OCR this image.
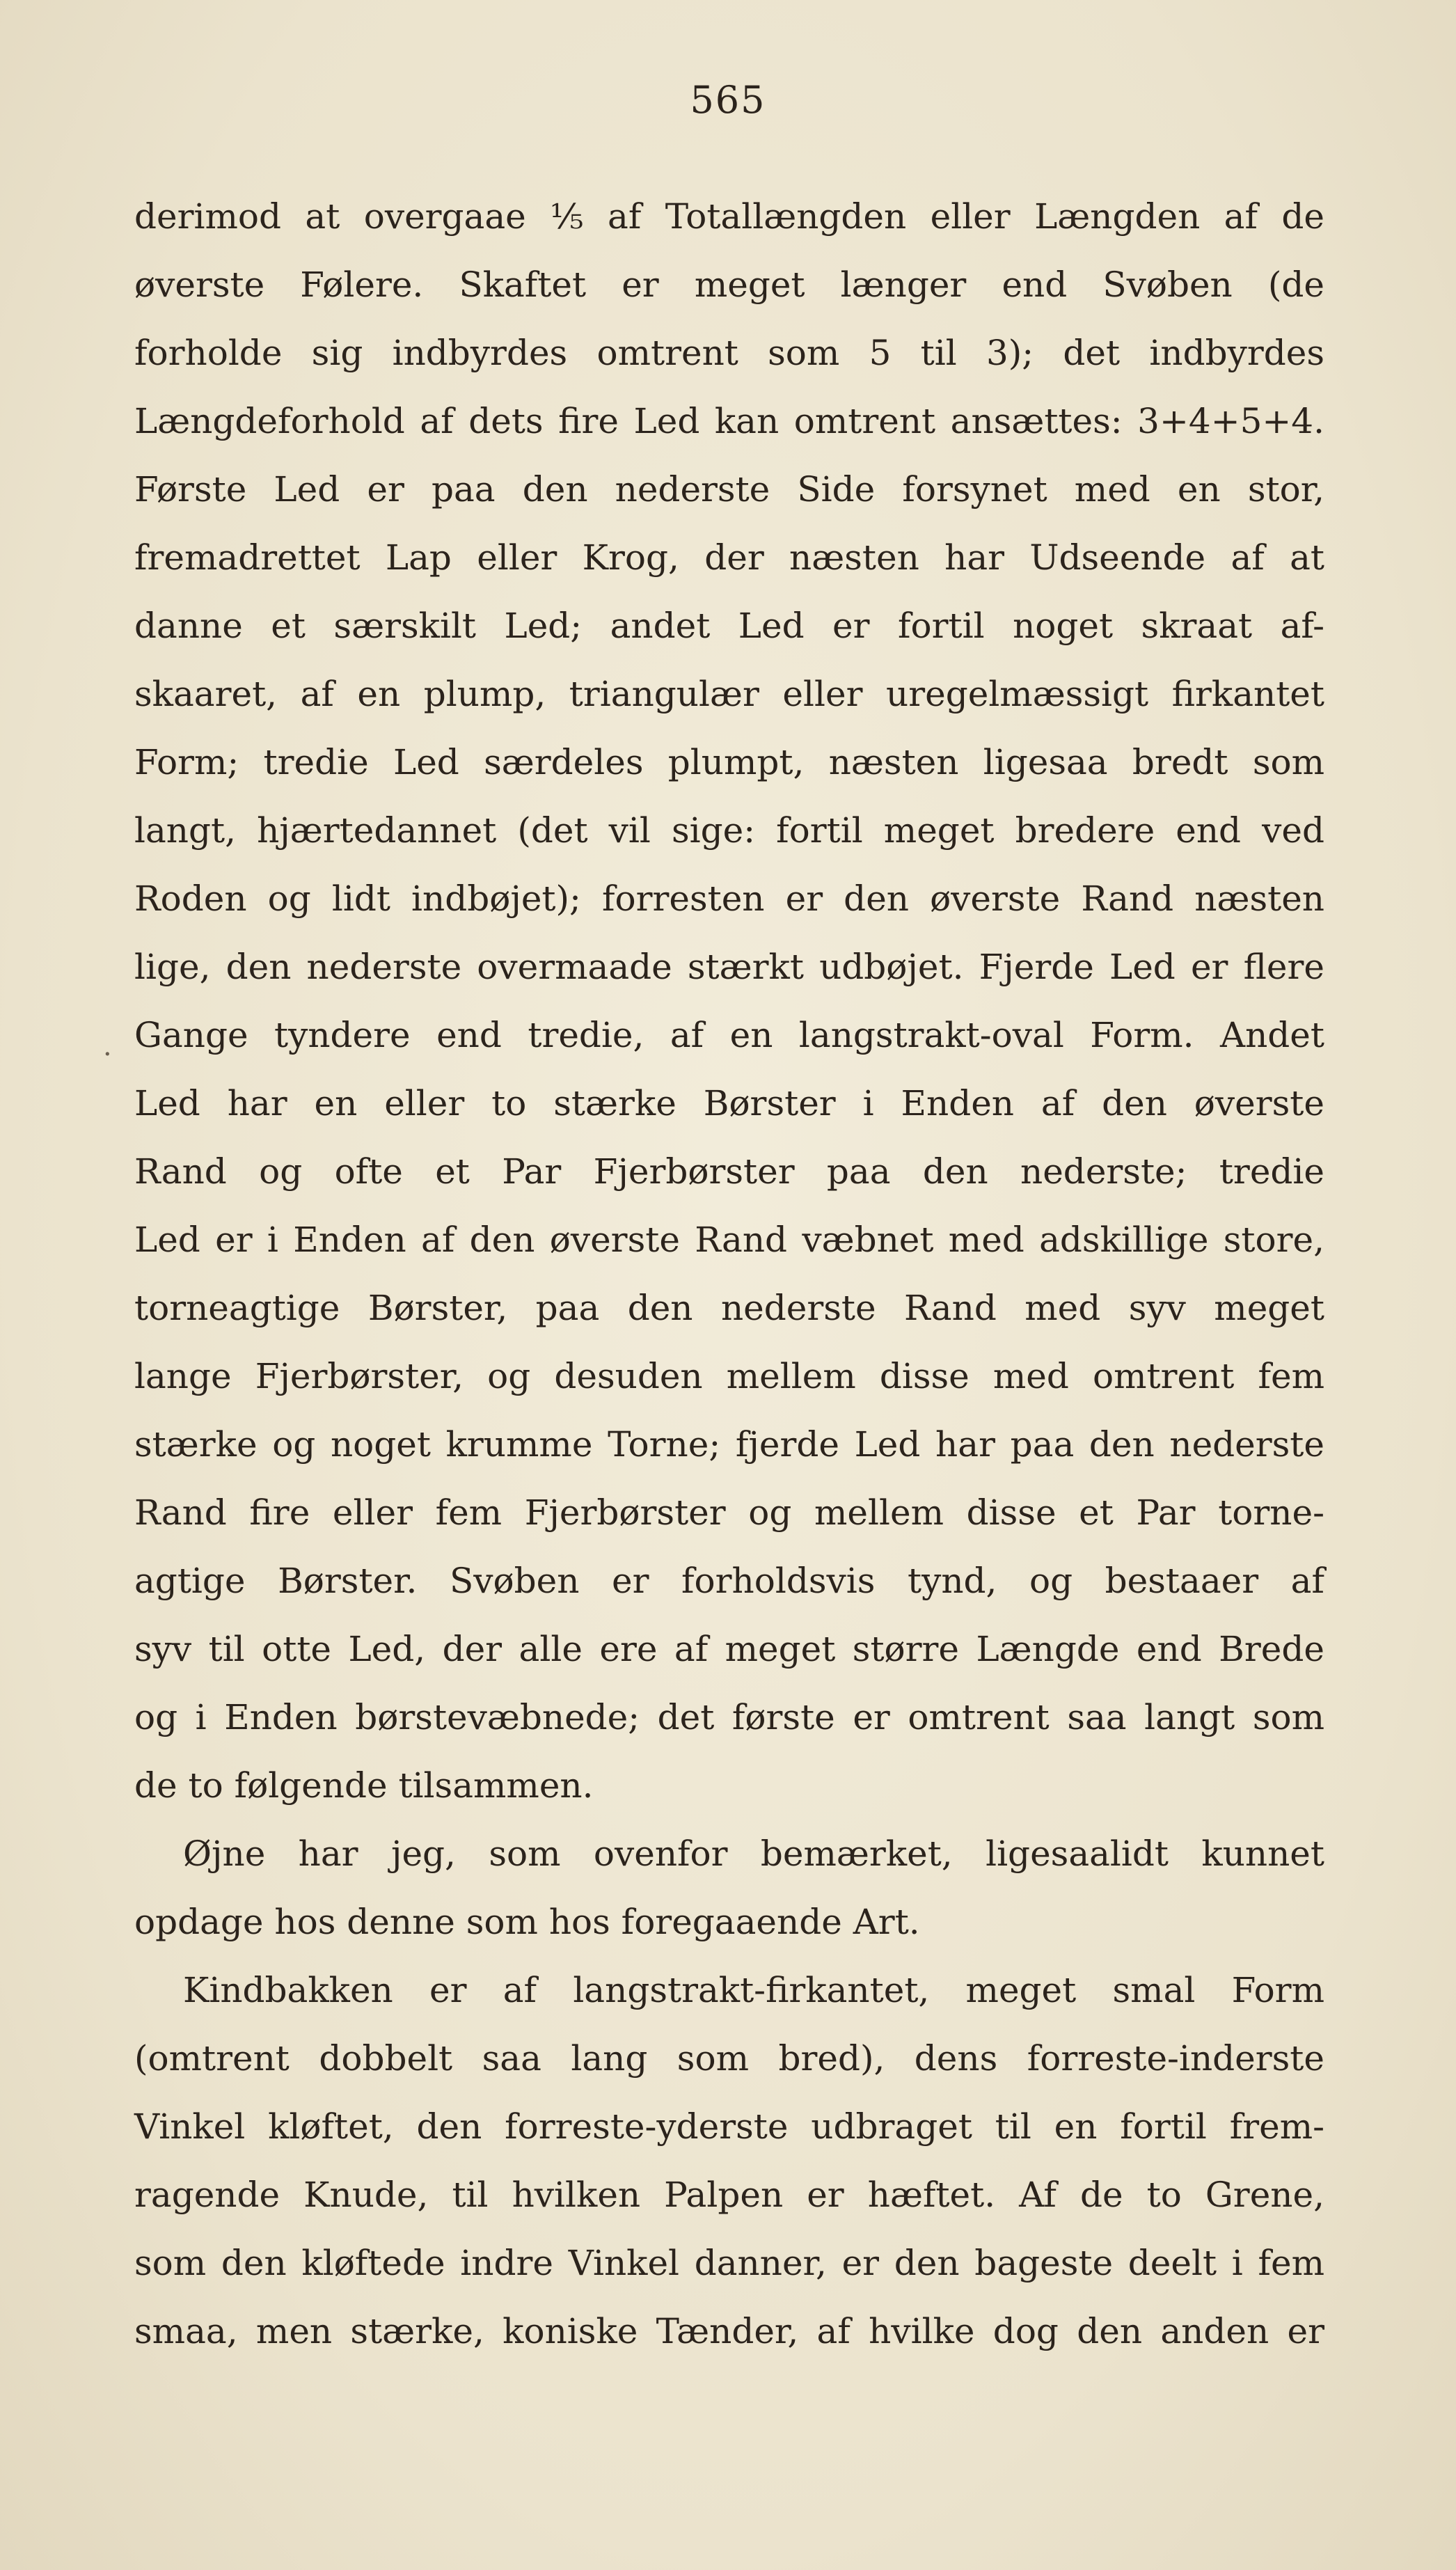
565
·
derimod at overgaae ⅕ af Totallængden eller Længden af de
øverste Følere. Skaftet er meget længer end Svøben (de
forholde sig indbyrdes omtrent som 5 til 3); det indbyrdes
Længdeforhold af dets fire Led kan omtrent ansættes: 3+4+5+4.
Første Led er paa den nederste Side forsynet med en stor,
fremadrettet Lap eller Krog, der næsten har Udseende af at
danne et særskilt Led; andet Led er fortil noget skraat af-
skaaret, af en plump, triangulær eller uregelmæssigt firkantet
Form; tredie Led særdeles plumpt, næsten ligesaa bredt som
langt, hjærtedannet (det vil sige: fortil meget bredere end ved
Roden og lidt indbøjet); forresten er den øverste Rand næsten
lige, den nederste overmaade stærkt udbøjet. Fjerde Led er flere
Gange tyndere end tredie, af en langstrakt-oval Form. Andet
Led har en eller to stærke Børster i Enden af den øverste
Rand og ofte et Par Fjerbørster paa den nederste; tredie
Led er i Enden af den øverste Rand væbnet med adskillige store,
torneagtige Børster, paa den nederste Rand med syv meget
lange Fjerbørster, og desuden mellem disse med omtrent fem
stærke og noget krumme Torne; fjerde Led har paa den nederste
Rand fire eller fem Fjerbørster og mellem disse et Par torne-
agtige Børster. Svøben er forholdsvis tynd, og bestaaer af
syv til otte Led, der alle ere af meget større Længde end Brede
og i Enden børstevæbnede; det første er omtrent saa langt som
de to følgende tilsammen.
Øjne har jeg, som ovenfor bemærket, ligesaalidt kunnet
opdage hos denne som hos foregaaende Art.
Kindbakken er af langstrakt-firkantet, meget smal Form
(omtrent dobbelt saa lang som bred), dens forreste-inderste
Vinkel kløftet, den forreste-yderste udbraget til en fortil frem-
ragende Knude, til hvilken Palpen er hæftet. Af de to Grene,
som den kløftede indre Vinkel danner, er den bageste deelt i fem
smaa, men stærke, koniske Tænder, af hvilke dog den anden er
